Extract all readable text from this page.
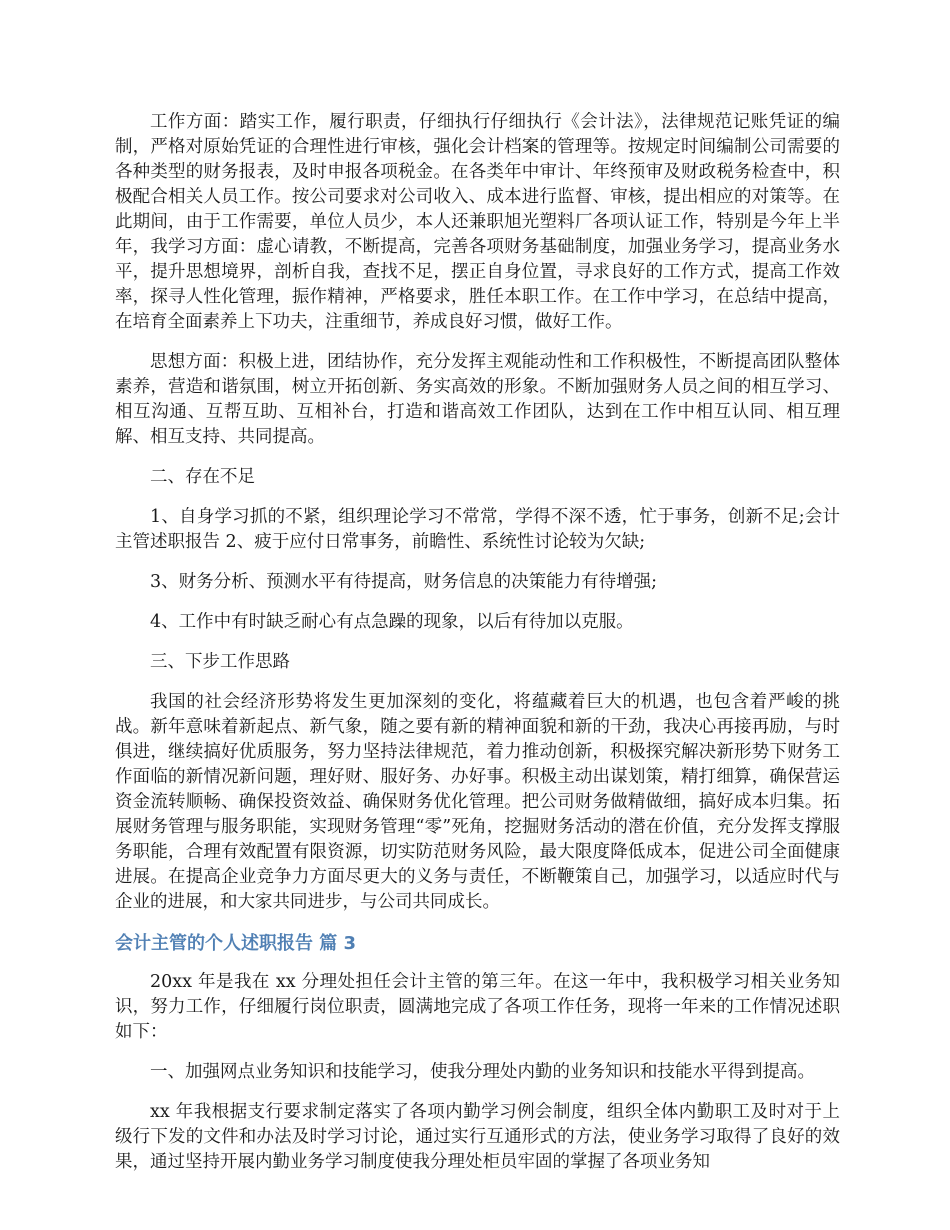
工作方面：踏实工作，履行职责，仔细执行仔细执行《会计法》，法律规范记账凭证的编制，严格对原始凭证的合理性进行审核，强化会计档案的管理等。按规定时间编制公司需要的各种类型的财务报表，及时申报各项税金。在各类年中审计、年终预审及财政税务检查中，积极配合相关人员工作。按公司要求对公司收入、成本进行监督、审核，提出相应的对策等。在此期间，由于工作需要，单位人员少，本人还兼职旭光塑料厂各项认证工作，特别是今年上半年，我学习方面：虚心请教，不断提高，完善各项财务基础制度，加强业务学习，提高业务水平，提升思想境界，剖析自我，查找不足，摆正自身位置，寻求良好的工作方式，提高工作效率，探寻人性化管理，振作精神，严格要求，胜任本职工作。在工作中学习，在总结中提高，在培育全面素养上下功夫，注重细节，养成良好习惯，做好工作。

思想方面：积极上进，团结协作，充分发挥主观能动性和工作积极性，不断提高团队整体素养，营造和谐氛围，树立开拓创新、务实高效的形象。不断加强财务人员之间的相互学习、相互沟通、互帮互助、互相补台，打造和谐高效工作团队，达到在工作中相互认同、相互理解、相互支持、共同提高。

二、存在不足

1、自身学习抓的不紧，组织理论学习不常常，学得不深不透，忙于事务，创新不足;会计主管述职报告 2、疲于应付日常事务，前瞻性、系统性讨论较为欠缺;

3、财务分析、预测水平有待提高，财务信息的决策能力有待增强;

4、工作中有时缺乏耐心有点急躁的现象，以后有待加以克服。

三、下步工作思路

我国的社会经济形势将发生更加深刻的变化，将蕴藏着巨大的机遇，也包含着严峻的挑战。新年意味着新起点、新气象，随之要有新的精神面貌和新的干劲，我决心再接再励，与时俱进，继续搞好优质服务，努力坚持法律规范，着力推动创新，积极探究解决新形势下财务工作面临的新情况新问题，理好财、服好务、办好事。积极主动出谋划策，精打细算，确保营运资金流转顺畅、确保投资效益、确保财务优化管理。把公司财务做精做细，搞好成本归集。拓展财务管理与服务职能，实现财务管理“零”死角，挖掘财务活动的潜在价值，充分发挥支撑服务职能，合理有效配置有限资源，切实防范财务风险，最大限度降低成本，促进公司全面健康进展。在提高企业竞争力方面尽更大的义务与责任，不断鞭策自己，加强学习，以适应时代与企业的进展，和大家共同进步，与公司共同成长。

会计主管的个人述职报告 篇 3

20xx 年是我在 xx 分理处担任会计主管的第三年。在这一年中，我积极学习相关业务知识，努力工作，仔细履行岗位职责，圆满地完成了各项工作任务，现将一年来的工作情况述职如下：

一、加强网点业务知识和技能学习，使我分理处内勤的业务知识和技能水平得到提高。

xx 年我根据支行要求制定落实了各项内勤学习例会制度，组织全体内勤职工及时对于上级行下发的文件和办法及时学习讨论，通过实行互通形式的方法，使业务学习取得了良好的效果，通过坚持开展内勤业务学习制度使我分理处柜员牢固的掌握了各项业务知
